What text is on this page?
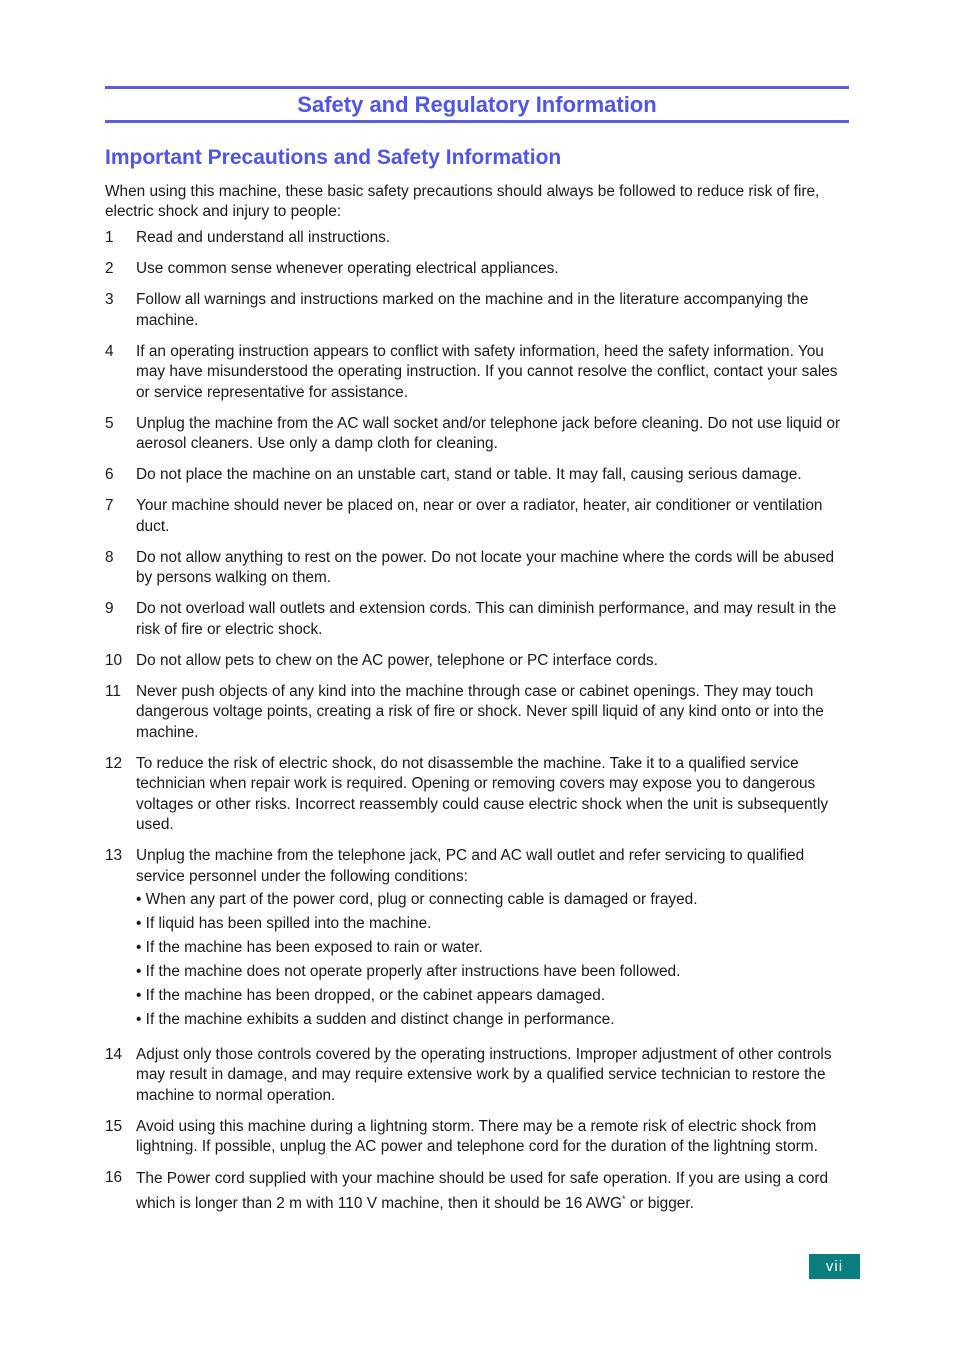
Safety and Regulatory Information
Important Precautions and Safety Information

When using this machine, these basic safety precautions should always be followed to reduce risk of fire, electric shock and injury to people:

1	Read and understand all instructions.
2	Use common sense whenever operating electrical appliances.
3	Follow all warnings and instructions marked on the machine and in the literature accompanying the machine.
4	If an operating instruction appears to conflict with safety information, heed the safety information. You may have misunderstood the operating instruction. If you cannot resolve the conflict, contact your sales or service representative for assistance.
5	Unplug the machine from the AC wall socket and/or telephone jack before cleaning. Do not use liquid or aerosol cleaners. Use only a damp cloth for cleaning.
6	Do not place the machine on an unstable cart, stand or table. It may fall, causing serious damage.
7	Your machine should never be placed on, near or over a radiator, heater, air conditioner or ventilation duct.
8	Do not allow anything to rest on the power. Do not locate your machine where the cords will be abused by persons walking on them.
9	Do not overload wall outlets and extension cords. This can diminish performance, and may result in the risk of fire or electric shock.
10 Do not allow pets to chew on the AC power, telephone or PC interface cords.
11 Never push objects of any kind into the machine through case or cabinet openings. They may touch dangerous voltage points, creating a risk of fire or shock. Never spill liquid of any kind onto or into the machine.
12 To reduce the risk of electric shock, do not disassemble the machine. Take it to a qualified service technician when repair work is required. Opening or removing covers may expose you to dangerous voltages or other risks. Incorrect reassembly could cause electric shock when the unit is subsequently used.
13 Unplug the machine from the telephone jack, PC and AC wall outlet and refer servicing to qualified service personnel under the following conditions:
• When any part of the power cord, plug or connecting cable is damaged or frayed.
• If liquid has been spilled into the machine.
• If the machine has been exposed to rain or water.
• If the machine does not operate properly after instructions have been followed.
• If the machine has been dropped, or the cabinet appears damaged.
• If the machine exhibits a sudden and distinct change in performance.
14 Adjust only those controls covered by the operating instructions. Improper adjustment of other controls may result in damage, and may require extensive work by a qualified service technician to restore the machine to normal operation.
15 Avoid using this machine during a lightning storm. There may be a remote risk of electric shock from lightning. If possible, unplug the AC power and telephone cord for the duration of the lightning storm.
16 The Power cord supplied with your machine should be used for safe operation. If you are using a cord which is longer than 2 m with 110 V machine, then it should be 16 AWG* or bigger.
vii
